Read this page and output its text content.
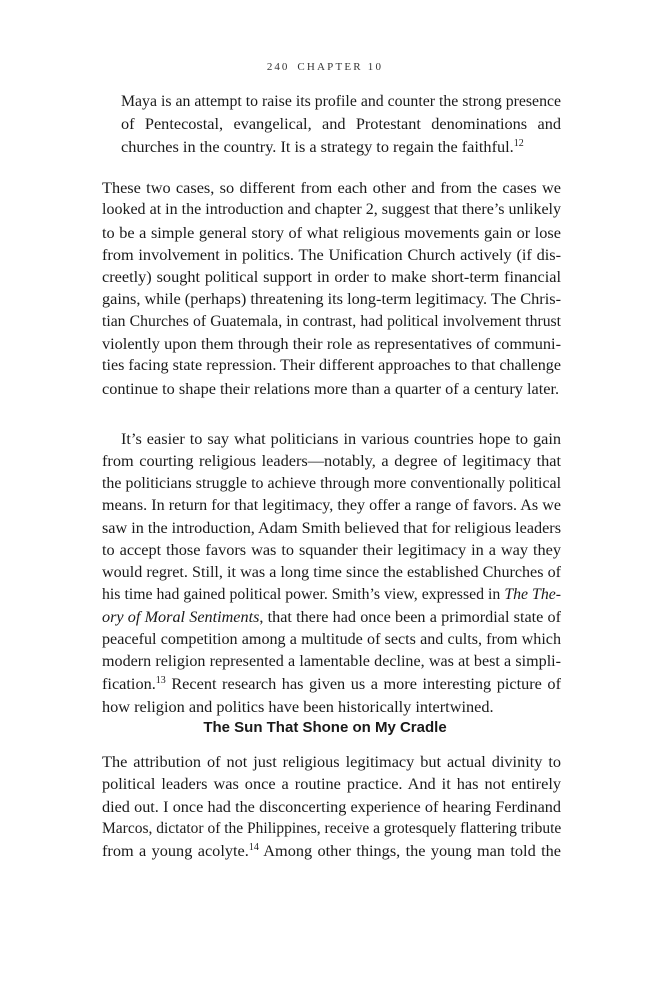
240 CHAPTER 10
Maya is an attempt to raise its profile and counter the strong presence
of Pentecostal, evangelical, and Protestant denominations and
churches in the country. It is a strategy to regain the faithful.$^{12}$
These two cases, so different from each other and from the cases we
looked at in the introduction and chapter 2, suggest that there’s unlikely
to be a simple general story of what religious movements gain or lose
from involvement in politics. The Unification Church actively (if dis-
creetly) sought political support in order to make short-term financial
gains, while (perhaps) threatening its long-term legitimacy. The Chris-
tian Churches of Guatemala, in contrast, had political involvement thrust
violently upon them through their role as representatives of communi-
ties facing state repression. Their different approaches to that challenge
continue to shape their relations more than a quarter of a century later.
It’s easier to say what politicians in various countries hope to gain
from courting religious leaders—notably, a degree of legitimacy that
the politicians struggle to achieve through more conventionally political
means. In return for that legitimacy, they offer a range of favors. As we
saw in the introduction, Adam Smith believed that for religious leaders
to accept those favors was to squander their legitimacy in a way they
would regret. Still, it was a long time since the established Churches of
his time had gained political power. Smith’s view, expressed in The The-
ory of Moral Sentiments, that there had once been a primordial state of
peaceful competition among a multitude of sects and cults, from which
modern religion represented a lamentable decline, was at best a simpli-
fication.$^{13}$ Recent research has given us a more interesting picture of
how religion and politics have been historically intertwined.
The Sun That Shone on My Cradle
The attribution of not just religious legitimacy but actual divinity to
political leaders was once a routine practice. And it has not entirely
died out. I once had the disconcerting experience of hearing Ferdinand
Marcos, dictator of the Philippines, receive a grotesquely flattering tribute
from a young acolyte.$^{14}$ Among other things, the young man told the
